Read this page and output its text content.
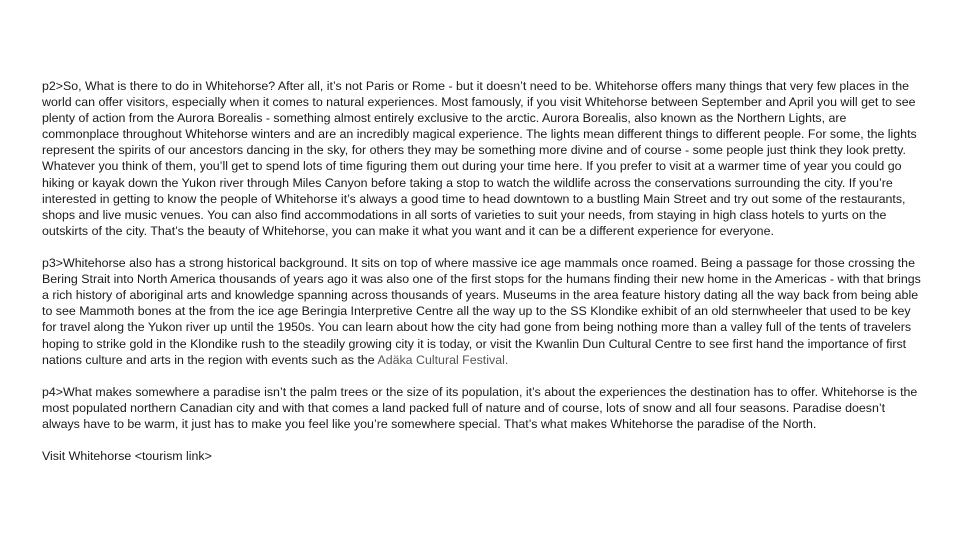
p2>So, What is there to do in Whitehorse? After all, it’s not Paris or Rome - but it doesn’t need to be. Whitehorse offers many things that very few places in the world can offer visitors, especially when it comes to natural experiences. Most famously, if you visit Whitehorse between September and April you will get to see plenty of action from the Aurora Borealis - something almost entirely exclusive to the arctic. Aurora Borealis, also known as the Northern Lights, are commonplace throughout Whitehorse winters and are an incredibly magical experience. The lights mean different things to different people. For some, the lights represent the spirits of our ancestors dancing in the sky, for others they may be something more divine and of course - some people just think they look pretty. Whatever you think of them, you’ll get to spend lots of time figuring them out during your time here. If you prefer to visit at a warmer time of year you could go hiking or kayak down the Yukon river through Miles Canyon before taking a stop to watch the wildlife across the conservations surrounding the city. If you’re interested in getting to know the people of Whitehorse it’s always a good time to head downtown to a bustling Main Street and try out some of the restaurants, shops and live music venues. You can also find accommodations in all sorts of varieties to suit your needs, from staying in high class hotels to yurts on the outskirts of the city. That’s the beauty of Whitehorse, you can make it what you want and it can be a different experience for everyone.

p3>Whitehorse also has a strong historical background. It sits on top of where massive ice age mammals once roamed. Being a passage for those crossing the Bering Strait into North America thousands of years ago it was also one of the first stops for the humans finding their new home in the Americas - with that brings a rich history of aboriginal arts and knowledge spanning across thousands of years. Museums in the area feature history dating all the way back from being able to see Mammoth bones at the from the ice age Beringia Interpretive Centre all the way up to the SS Klondike exhibit of an old sternwheeler that used to be key for travel along the Yukon river up until the 1950s. You can learn about how the city had gone from being nothing more than a valley full of the tents of travelers hoping to strike gold in the Klondike rush to the steadily growing city it is today, or visit the Kwanlin Dun Cultural Centre to see first hand the importance of first nations culture and arts in the region with events such as the Adäka Cultural Festival.

p4>What makes somewhere a paradise isn’t the palm trees or the size of its population, it’s about the experiences the destination has to offer. Whitehorse is the most populated northern Canadian city and with that comes a land packed full of nature and of course, lots of snow and all four seasons. Paradise doesn’t always have to be warm, it just has to make you feel like you’re somewhere special. That’s what makes Whitehorse the paradise of the North.

Visit Whitehorse <tourism link>
